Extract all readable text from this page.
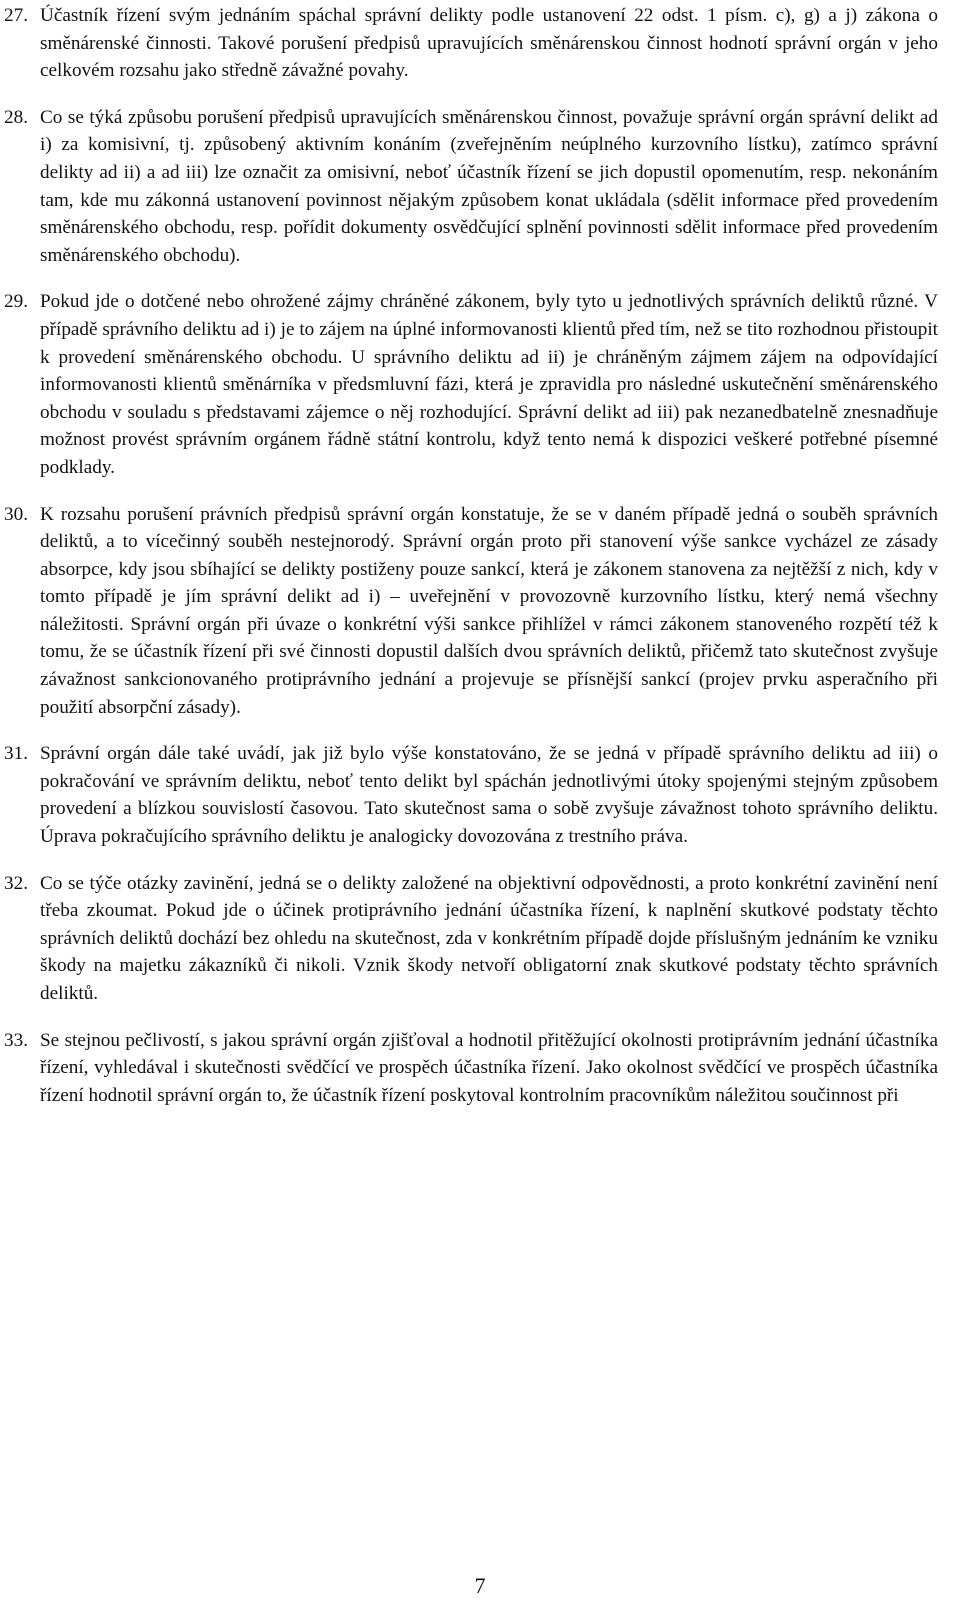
27. Účastník řízení svým jednáním spáchal správní delikty podle ustanovení 22 odst. 1 písm. c), g) a j) zákona o směnárenské činnosti. Takové porušení předpisů upravujících směnárenskou činnost hodnotí správní orgán v jeho celkovém rozsahu jako středně závažné povahy.

28. Co se týká způsobu porušení předpisů upravujících směnárenskou činnost, považuje správní orgán správní delikt ad i) za komisivní, tj. způsobený aktivním konáním (zveřejněním neúplného kurzovního lístku), zatímco správní delikty ad ii) a ad iii) lze označit za omisivní, neboť účastník řízení se jich dopustil opomenutím, resp. nekonáním tam, kde mu zákonná ustanovení povinnost nějakým způsobem konat ukládala (sdělit informace před provedením směnárenského obchodu, resp. pořídit dokumenty osvědčující splnění povinnosti sdělit informace před provedením směnárenského obchodu).

29. Pokud jde o dotčené nebo ohrožené zájmy chráněné zákonem, byly tyto u jednotlivých správních deliktů různé. V případě správního deliktu ad i) je to zájem na úplné informovanosti klientů před tím, než se tito rozhodnou přistoupit k provedení směnárenského obchodu. U správního deliktu ad ii) je chráněným zájmem zájem na odpovídající informovanosti klientů směnárníka v předsmluvní fázi, která je zpravidla pro následné uskutečnění směnárenského obchodu v souladu s představami zájemce o něj rozhodující. Správní delikt ad iii) pak nezanedbatelně znesnadňuje možnost provést správním orgánem řádně státní kontrolu, když tento nemá k dispozici veškeré potřebné písemné podklady.

30. K rozsahu porušení právních předpisů správní orgán konstatuje, že se v daném případě jedná o souběh správních deliktů, a to vícečinný souběh nestejnorodý. Správní orgán proto při stanovení výše sankce vycházel ze zásady absorpce, kdy jsou sbíhající se delikty postiženy pouze sankcí, která je zákonem stanovena za nejtěžší z nich, kdy v tomto případě je jím správní delikt ad i) – uveřejnění v provozovně kurzovního lístku, který nemá všechny náležitosti. Správní orgán při úvaze o konkrétní výši sankce přihlížel v rámci zákonem stanoveného rozpětí též k tomu, že se účastník řízení při své činnosti dopustil dalších dvou správních deliktů, přičemž tato skutečnost zvyšuje závažnost sankcionovaného protiprávního jednání a projevuje se přísnější sankcí (projev prvku asperačního při použití absorpční zásady).

31. Správní orgán dále také uvádí, jak již bylo výše konstatováno, že se jedná v případě správního deliktu ad iii) o pokračování ve správním deliktu, neboť tento delikt byl spáchán jednotlivými útoky spojenými stejným způsobem provedení a blízkou souvislostí časovou. Tato skutečnost sama o sobě zvyšuje závažnost tohoto správního deliktu. Úprava pokračujícího správního deliktu je analogicky dovozována z trestního práva.

32. Co se týče otázky zavinění, jedná se o delikty založené na objektivní odpovědnosti, a proto konkrétní zavinění není třeba zkoumat. Pokud jde o účinek protiprávního jednání účastníka řízení, k naplnění skutkové podstaty těchto správních deliktů dochází bez ohledu na skutečnost, zda v konkrétním případě dojde příslušným jednáním ke vzniku škody na majetku zákazníků či nikoli. Vznik škody netvoří obligatorní znak skutkové podstaty těchto správních deliktů.

33. Se stejnou pečlivostí, s jakou správní orgán zjišťoval a hodnotil přitěžující okolnosti protiprávním jednání účastníka řízení, vyhledával i skutečnosti svědčící ve prospěch účastníka řízení. Jako okolnost svědčící ve prospěch účastníka řízení hodnotil správní orgán to, že účastník řízení poskytoval kontrolním pracovníkům náležitou součinnost při

7
